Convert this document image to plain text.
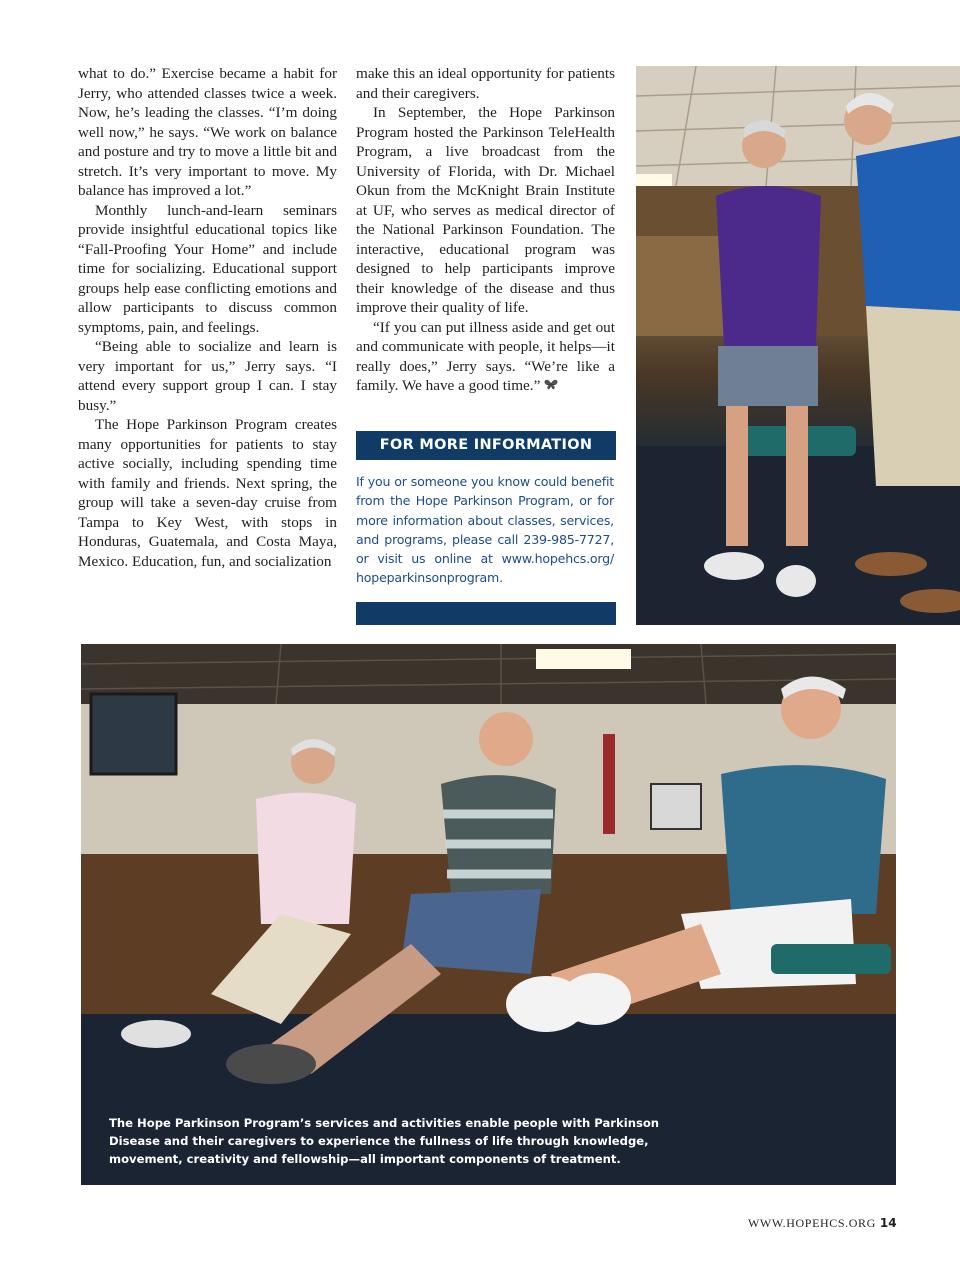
what to do.” Exercise became a habit for Jerry, who attended classes twice a week. Now, he’s leading the classes. “I’m doing well now,” he says. “We work on balance and posture and try to move a little bit and stretch. It’s very important to move. My balance has improved a lot.”

Monthly lunch-and-learn seminars provide insightful educational topics like “Fall-Proofing Your Home” and include time for socializing. Educational support groups help ease conflicting emotions and allow participants to discuss common symptoms, pain, and feelings.

“Being able to socialize and learn is very important for us,” Jerry says. “I attend every support group I can. I stay busy.”

The Hope Parkinson Program creates many opportunities for patients to stay active socially, including spending time with family and friends. Next spring, the group will take a seven-day cruise from Tampa to Key West, with stops in Honduras, Guatemala, and Costa Maya, Mexico. Education, fun, and socialization

make this an ideal opportunity for patients and their caregivers.

In September, the Hope Parkinson Program hosted the Parkinson TeleHealth Program, a live broadcast from the University of Florida, with Dr. Michael Okun from the McKnight Brain Institute at UF, who serves as medical director of the National Parkinson Foundation. The interactive, educational program was designed to help participants improve their knowledge of the disease and thus improve their quality of life.

“If you can put illness aside and get out and communicate with people, it helps—it really does,” Jerry says. “We’re like a family. We have a good time.”

FOR MORE INFORMATION
If you or someone you know could benefit from the Hope Parkinson Program, or for more information about classes, services, and programs, please call 239-985-7727, or visit us online at www.hopehcs.org/ hopeparkinsonprogram.
The Hope Parkinson Program’s services and activities enable people with Parkinson Disease and their caregivers to experience the fullness of life through knowledge, movement, creativity and fellowship—all important components of treatment.
WWW.HOPEHCS.ORG 14
